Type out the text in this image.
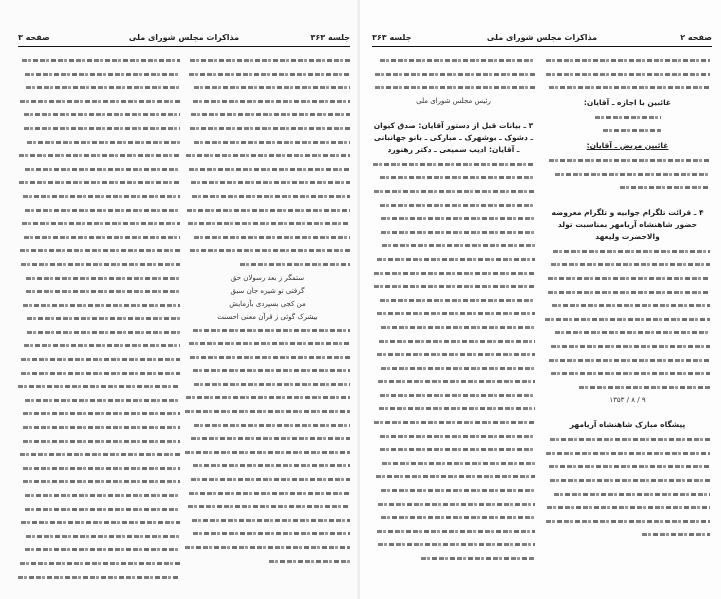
جلسه ۳۶۳
مذاکرات مجلس شورای ملی
صفحه ۳
ستمگر ز بعد رسولان حق
گرفتی تو شیره جان سبق
من کجی بسپردی بآزمایش
بیشرک گوئی ز قرآن معنی احسنت
صفحه ۲
مذاکرات مجلس شورای ملی
جلسه ۳۶۳
غائبین با اجازه ـ آقایان:
غائبین مریض ـ آقایان:
۴ ـ قرائت تلگرام جوابیه و تلگرام معروضه حضور شاهنشاه آریامهر بمناسبت تولد والاحضرت ولیعهد
۹ / ۸ / ۱۳۵۳
پیشگاه مبارک شاهنشاه آریامهر
رئیس مجلس شورای ملی
۳ ـ بیانات قبل از دستور آقایان: صدق کیوان ـ دشوک ـ بوشهرک ـ مبارکی ـ بانو جهانبانی ـ آقایان: ادیب سمیعی ـ دکتر رهنورد
